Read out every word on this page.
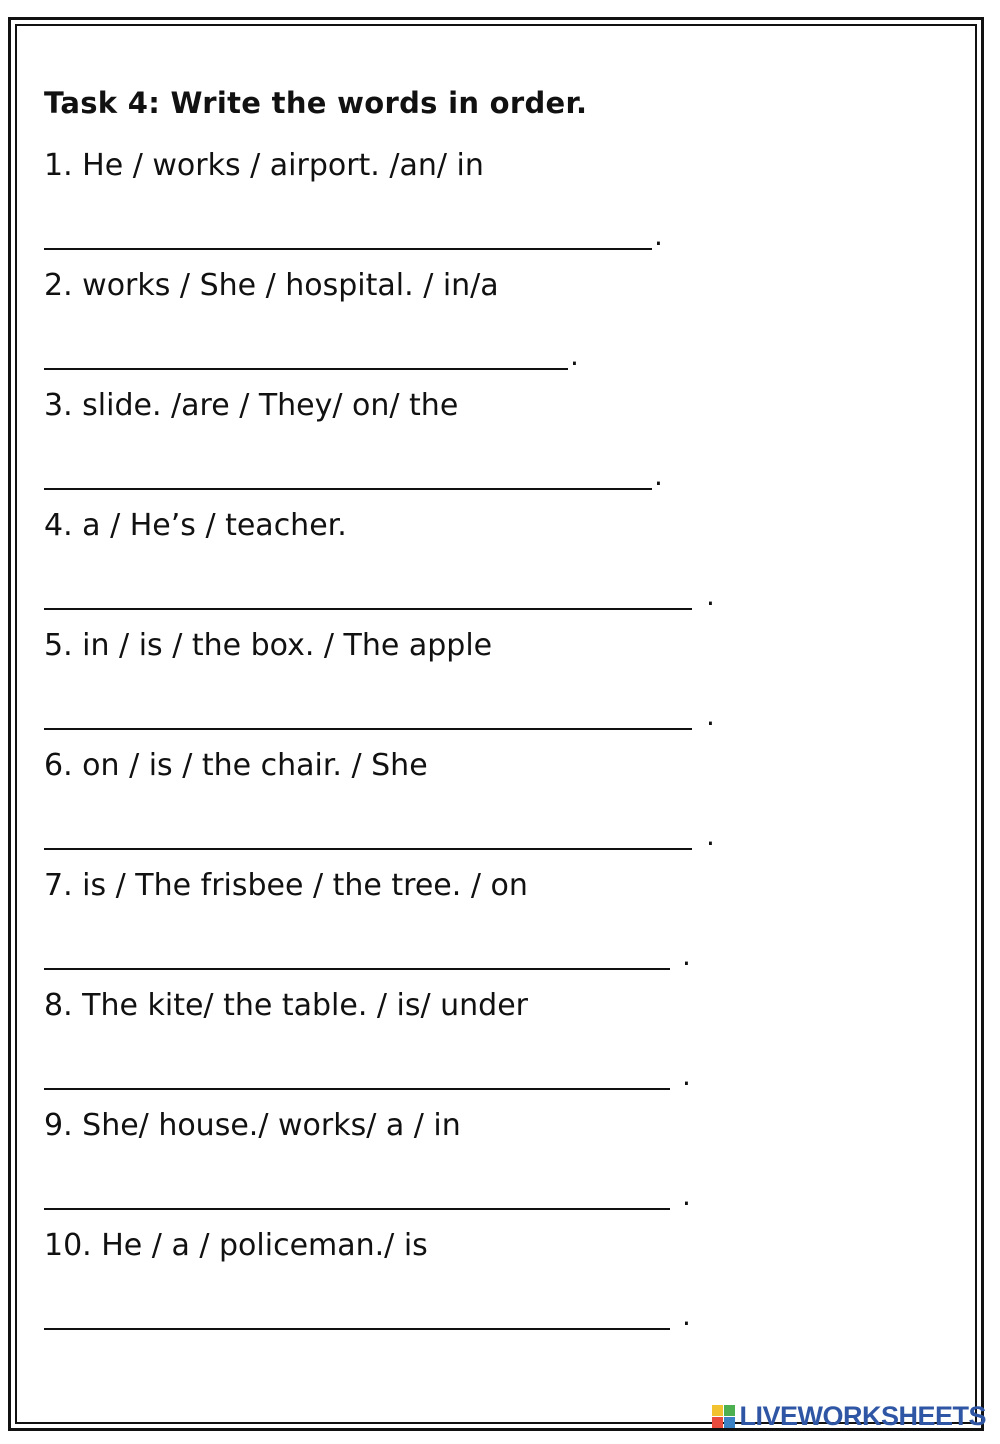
Task 4: Write the words in order.
1. He / works / airport. /an/ in
.
2. works / She / hospital. / in/a
.
3. slide. /are / They/ on/ the
.
4. a / He’s / teacher.
.
5. in / is / the box. / The apple
.
6. on / is / the chair. / She
.
7. is / The frisbee / the tree. / on
.
8. The kite/ the table. / is/ under
.
9. She/ house./ works/ a / in
.
10. He / a / policeman./ is
.
LIVEWORKSHEETS
